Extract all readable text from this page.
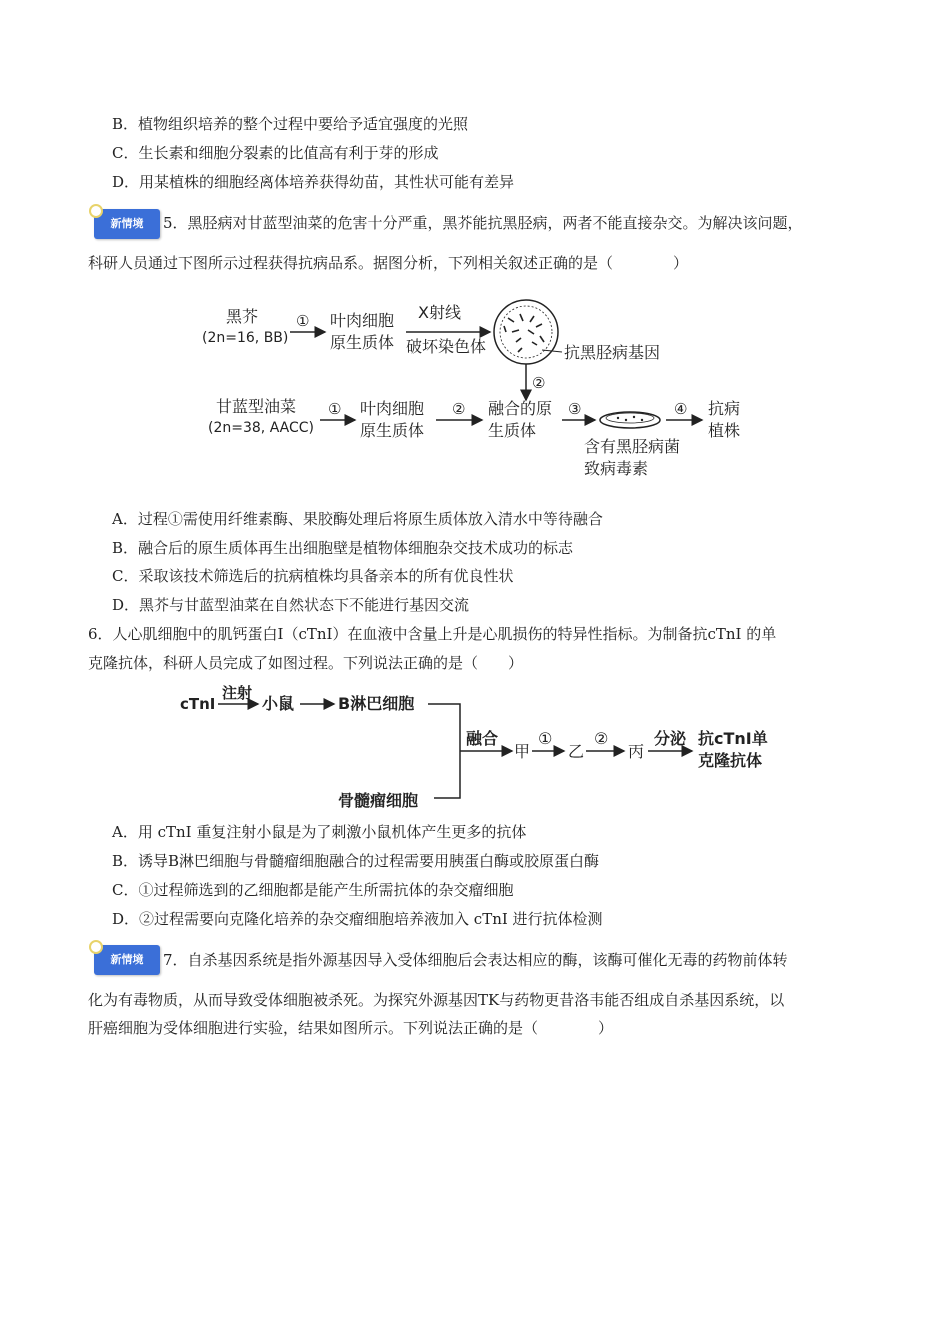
B．植物组织培养的整个过程中要给予适宜强度的光照
C．生长素和细胞分裂素的比值高有利于芽的形成
D．用某植株的细胞经离体培养获得幼苗，其性状可能有差异
新情境	5．黑胫病对甘蓝型油菜的危害十分严重，黑芥能抗黑胫病，两者不能直接杂交。为解决该问题，
科研人员通过下图所示过程获得抗病品系。据图分析，下列相关叙述正确的是（　　　　）
黑芥
(2n=16, BB)
① 叶肉细胞
原生质体
X射线
破坏染色体	抗黑胫病基因
②
甘蓝型油菜
(2n=38, AACC)
① 叶肉细胞
原生质体
② 融合的原
生质体
③
含有黑胫病菌
致病毒素
④ 抗病
植株
A．过程①需使用纤维素酶、果胶酶处理后将原生质体放入清水中等待融合
B．融合后的原生质体再生出细胞壁是植物体细胞杂交技术成功的标志
C．采取该技术筛选后的抗病植株均具备亲本的所有优良性状
D．黑芥与甘蓝型油菜在自然状态下不能进行基因交流
6．人心肌细胞中的肌钙蛋白Ⅰ（cTnI）在血液中含量上升是心肌损伤的特异性指标。为制备抗cTnI 的单
克隆抗体，科研人员完成了如图过程。下列说法正确的是（　　）
cTnI
注射
小鼠	B淋巴细胞
骨髓瘤细胞
融合
甲
①
乙
②
丙
分泌 抗cTnI单
克隆抗体
A．用 cTnI 重复注射小鼠是为了刺激小鼠机体产生更多的抗体
B．诱导B淋巴细胞与骨髓瘤细胞融合的过程需要用胰蛋白酶或胶原蛋白酶
C．①过程筛选到的乙细胞都是能产生所需抗体的杂交瘤细胞
D．②过程需要向克隆化培养的杂交瘤细胞培养液加入 cTnI 进行抗体检测
新情境	7．自杀基因系统是指外源基因导入受体细胞后会表达相应的酶，该酶可催化无毒的药物前体转
化为有毒物质，从而导致受体细胞被杀死。为探究外源基因TK与药物更昔洛韦能否组成自杀基因系统，以
肝癌细胞为受体细胞进行实验，结果如图所示。下列说法正确的是（　　　　）
